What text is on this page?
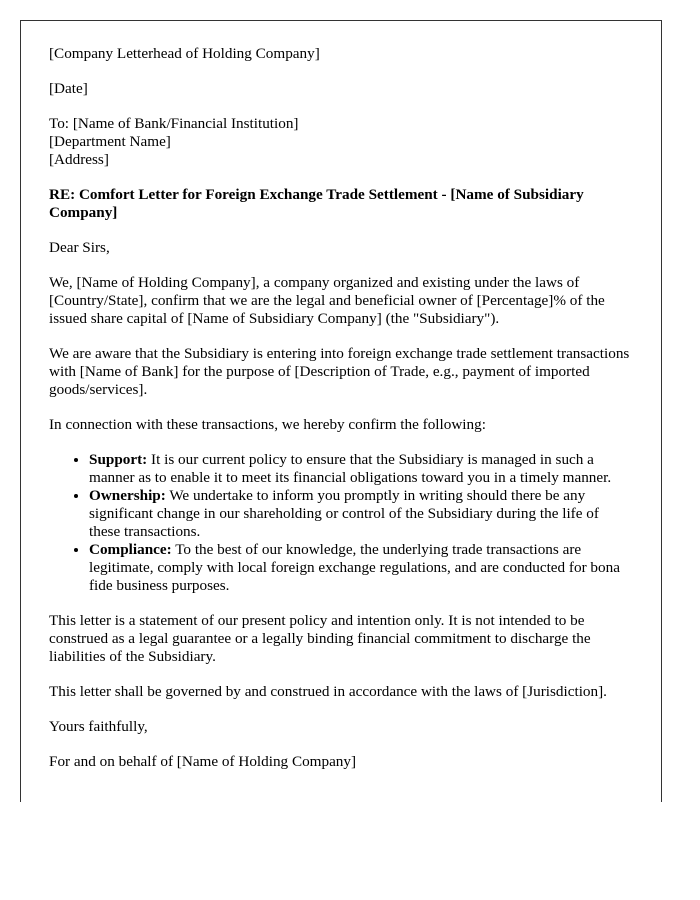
[Company Letterhead of Holding Company]

[Date]

To: [Name of Bank/Financial Institution]
[Department Name]
[Address]

RE: Comfort Letter for Foreign Exchange Trade Settlement - [Name of Subsidiary Company]

Dear Sirs,

We, [Name of Holding Company], a company organized and existing under the laws of [Country/State], confirm that we are the legal and beneficial owner of [Percentage]% of the issued share capital of [Name of Subsidiary Company] (the "Subsidiary").

We are aware that the Subsidiary is entering into foreign exchange trade settlement transactions with [Name of Bank] for the purpose of [Description of Trade, e.g., payment of imported goods/services].

In connection with these transactions, we hereby confirm the following:

• Support: It is our current policy to ensure that the Subsidiary is managed in such a manner as to enable it to meet its financial obligations toward you in a timely manner.
• Ownership: We undertake to inform you promptly in writing should there be any significant change in our shareholding or control of the Subsidiary during the life of these transactions.
• Compliance: To the best of our knowledge, the underlying trade transactions are legitimate, comply with local foreign exchange regulations, and are conducted for bona fide business purposes.

This letter is a statement of our present policy and intention only. It is not intended to be construed as a legal guarantee or a legally binding financial commitment to discharge the liabilities of the Subsidiary.

This letter shall be governed by and construed in accordance with the laws of [Jurisdiction].

Yours faithfully,

For and on behalf of [Name of Holding Company]
